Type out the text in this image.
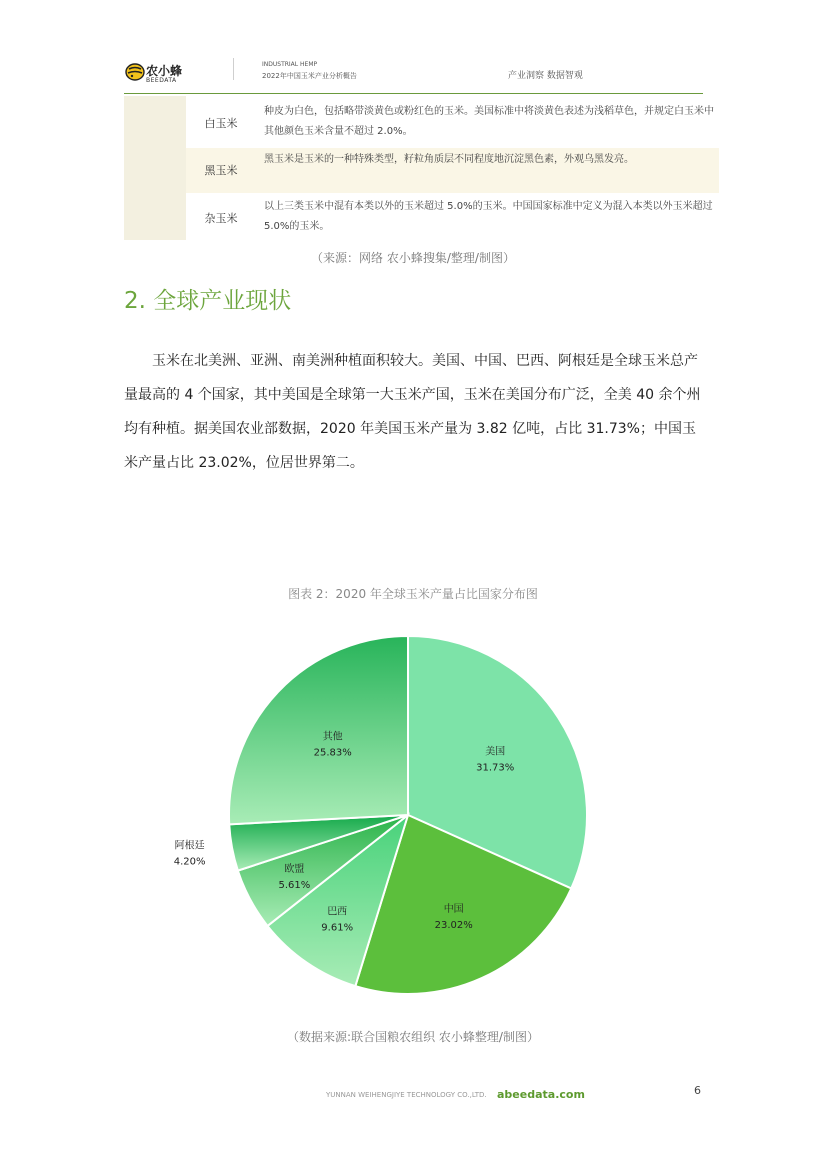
农小蜂
BEEDATA
INDUSTRIAL HEMP
2022年中国玉米产业分析概告	产业洞察 数据智观
白玉米
种皮为白色，包括略带淡黄色或粉红色的玉米。美国标准中将淡黄色表述为浅稻草色，并规定白玉米中其他颜色玉米含量不超过 2.0%。
黑玉米
黑玉米是玉米的一种特殊类型，籽粒角质层不同程度地沉淀黑色素，外观乌黑发亮。
杂玉米
以上三类玉米中混有本类以外的玉米超过 5.0%的玉米。中国国家标准中定义为混入本类以外玉米超过 5.0%的玉米。
（来源：网络 农小蜂搜集/整理/制图）
2. 全球产业现状

玉米在北美洲、亚洲、南美洲种植面积较大。美国、中国、巴西、阿根廷是全球玉米总产量最高的 4 个国家，其中美国是全球第一大玉米产国，玉米在美国分布广泛，全美 40 余个州均有种植。据美国农业部数据，2020 年美国玉米产量为 3.82 亿吨，占比 31.73%；中国玉米产量占比 23.02%，位居世界第二。

图表 2：2020 年全球玉米产量占比国家分布图
美国
31.73%
中国
23.02%
巴西
9.61%
欧盟
5.61%
阿根廷
4.20%
其他
25.83%
（数据来源:联合国粮农组织 农小蜂整理/制图）
YUNNAN WEIHENGJIYE TECHNOLOGY CO.,LTD. abeedata.com	6
